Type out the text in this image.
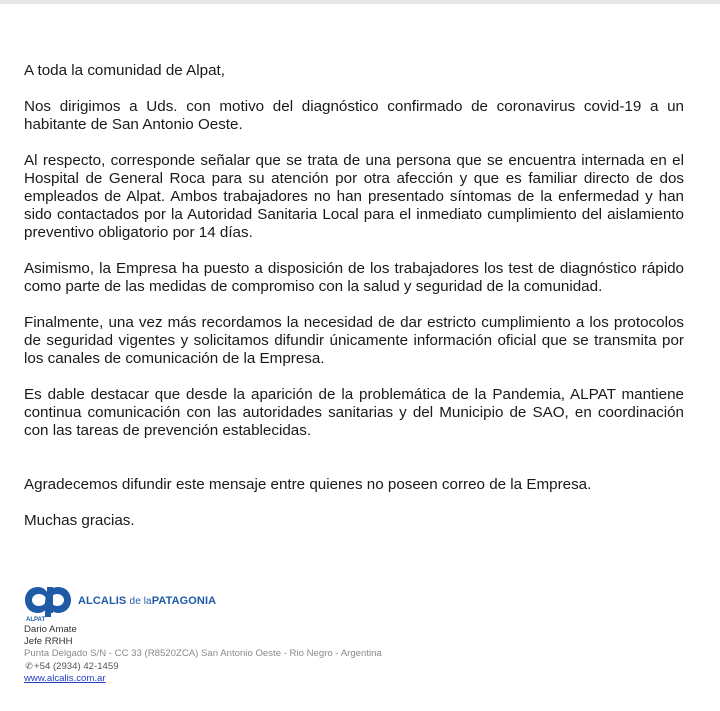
A toda la comunidad de Alpat,

Nos dirigimos a Uds. con motivo del diagnóstico confirmado de coronavirus covid-19 a un habitante de San Antonio Oeste.

Al respecto, corresponde señalar que se trata de una persona que se encuentra internada en el Hospital de General Roca para su atención por otra afección y que es familiar directo de dos empleados de Alpat. Ambos trabajadores no han presentado síntomas de la enfermedad y han sido contactados por la Autoridad Sanitaria Local para el inmediato cumplimiento del aislamiento preventivo obligatorio por 14 días.

Asimismo, la Empresa ha puesto a disposición de los trabajadores los test de diagnóstico rápido como parte de las medidas de compromiso con la salud y seguridad de la comunidad.

Finalmente, una vez más recordamos la necesidad de dar estricto cumplimiento a los protocolos de seguridad vigentes y solicitamos difundir únicamente información oficial que se transmita por los canales de comunicación de la Empresa.

Es dable destacar que desde la aparición de la problemática de la Pandemia, ALPAT mantiene continua comunicación con las autoridades sanitarias y del Municipio de SAO, en coordinación con las tareas de prevención establecidas.

Agradecemos difundir este mensaje entre quienes no poseen correo de la Empresa.

Muchas gracias.

ALCALIS de laPATAGONIA
ALPAT
Dario Amate
Jefe RRHH
Punta Delgado S/N - CC 33 (R8520ZCA) San Antonio Oeste - Rio Negro - Argentina
✆+54 (2934) 42-1459
www.alcalis.com.ar
